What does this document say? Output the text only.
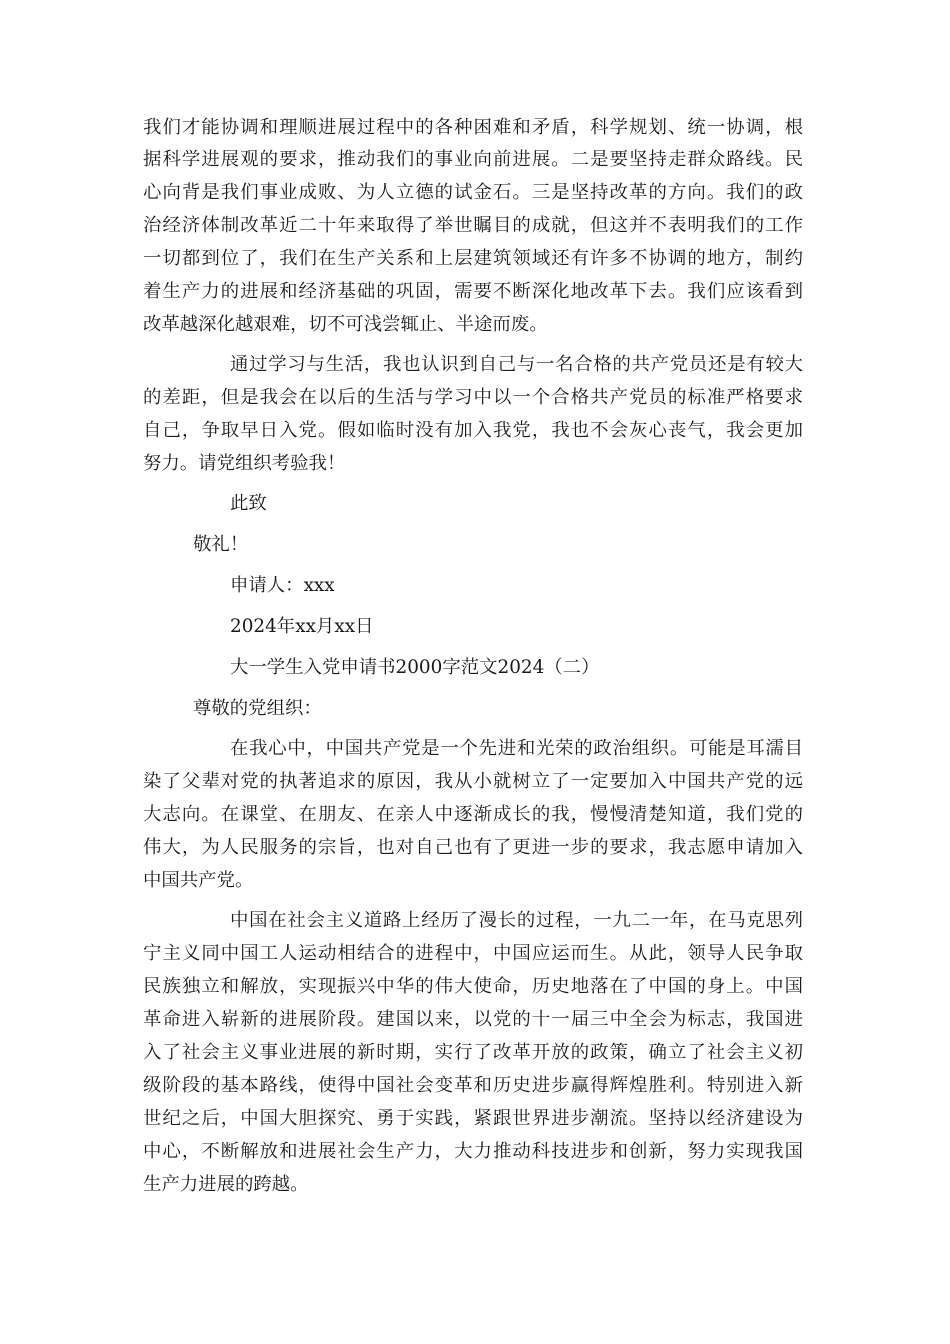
我们才能协调和理顺进展过程中的各种困难和矛盾，科学规划、统一协调，根
据科学进展观的要求，推动我们的事业向前进展。二是要坚持走群众路线。民
心向背是我们事业成败、为人立德的试金石。三是坚持改革的方向。我们的政
治经济体制改革近二十年来取得了举世瞩目的成就，但这并不表明我们的工作
一切都到位了，我们在生产关系和上层建筑领域还有许多不协调的地方，制约
着生产力的进展和经济基础的巩固，需要不断深化地改革下去。我们应该看到
改革越深化越艰难，切不可浅尝辄止、半途而废。
通过学习与生活，我也认识到自己与一名合格的共产党员还是有较大
的差距，但是我会在以后的生活与学习中以一个合格共产党员的标准严格要求
自己，争取早日入党。假如临时没有加入我党，我也不会灰心丧气，我会更加
努力。请党组织考验我！
此致
敬礼！
申请人：xxx
2024年xx月xx日
大一学生入党申请书2000字范文2024（二）
尊敬的党组织：
在我心中，中国共产党是一个先进和光荣的政治组织。可能是耳濡目
染了父辈对党的执著追求的原因，我从小就树立了一定要加入中国共产党的远
大志向。在课堂、在朋友、在亲人中逐渐成长的我，慢慢清楚知道，我们党的
伟大，为人民服务的宗旨，也对自己也有了更进一步的要求，我志愿申请加入
中国共产党。
中国在社会主义道路上经历了漫长的过程，一九二一年，在马克思列
宁主义同中国工人运动相结合的进程中，中国应运而生。从此，领导人民争取
民族独立和解放，实现振兴中华的伟大使命，历史地落在了中国的身上。中国
革命进入崭新的进展阶段。建国以来，以党的十一届三中全会为标志，我国进
入了社会主义事业进展的新时期，实行了改革开放的政策，确立了社会主义初
级阶段的基本路线，使得中国社会变革和历史进步赢得辉煌胜利。特别进入新
世纪之后，中国大胆探究、勇于实践，紧跟世界进步潮流。坚持以经济建设为
中心，不断解放和进展社会生产力，大力推动科技进步和创新，努力实现我国
生产力进展的跨越。
